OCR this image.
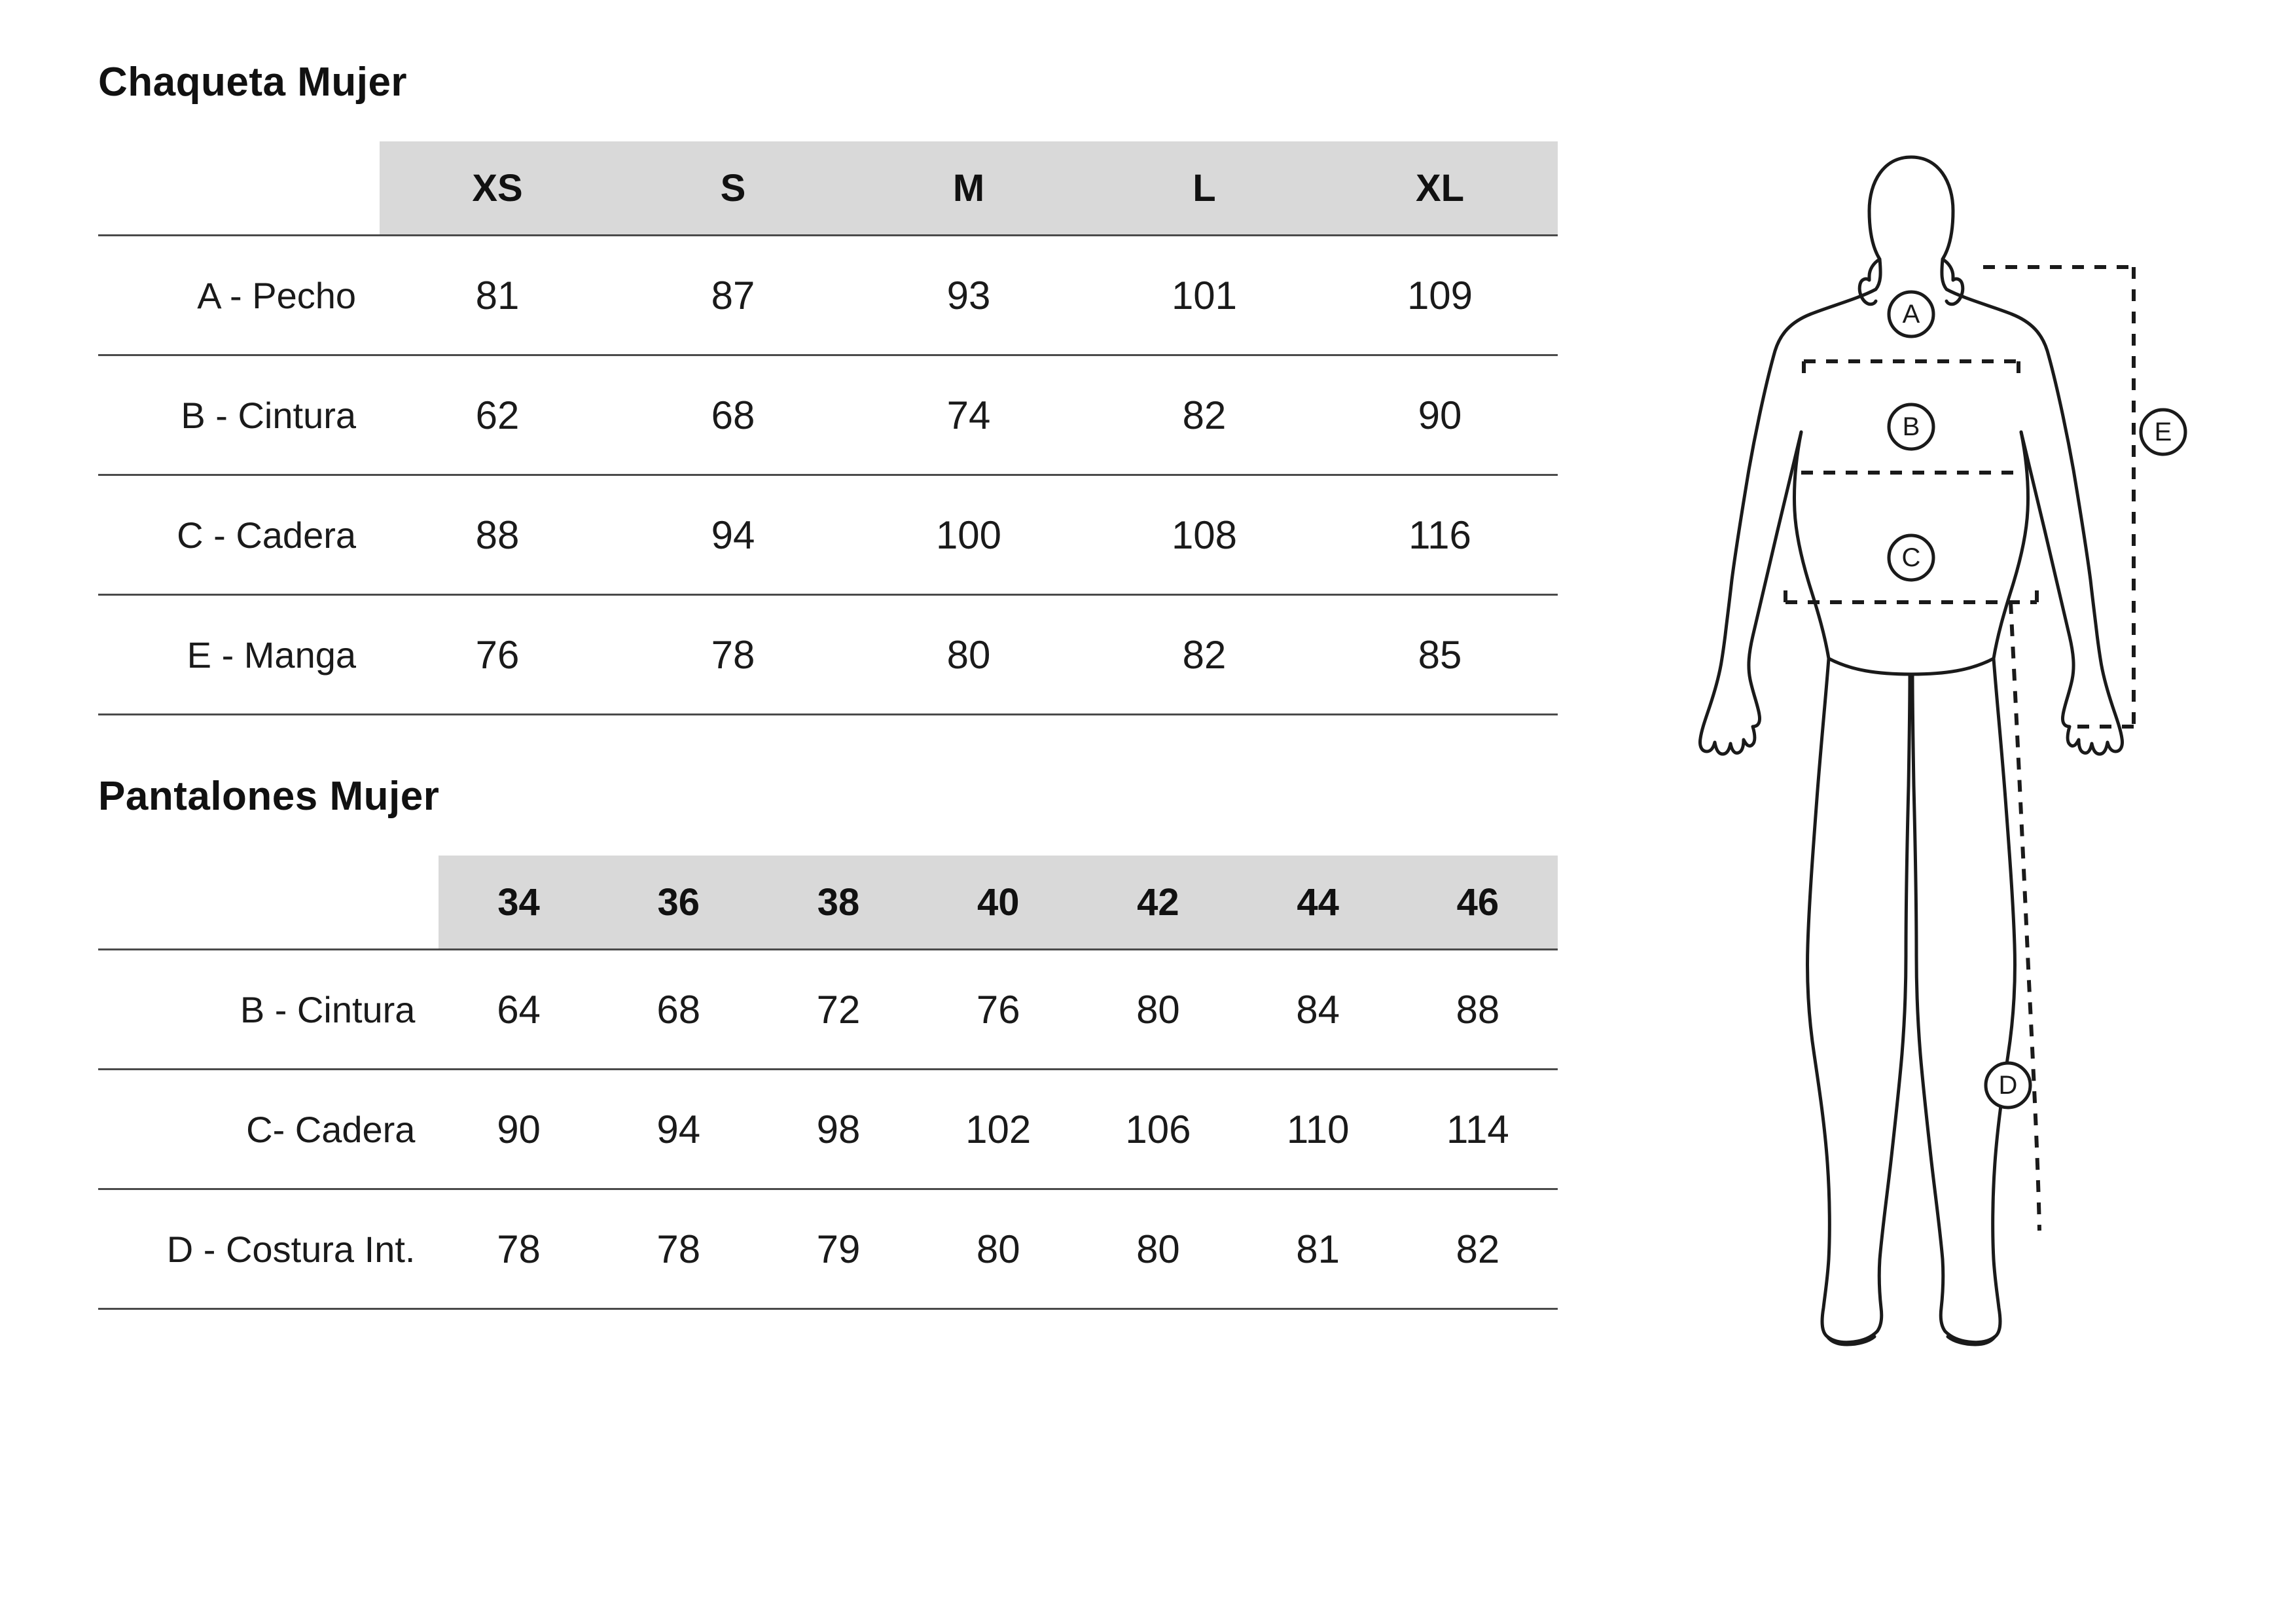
Chaqueta Mujer
	XS	S	M	L	XL
A - Pecho	81	87	93	101	109
B - Cintura	62	68	74	82	90
C - Cadera	88	94	100	108	116
E - Manga	76	78	80	82	85
Pantalones Mujer
	34	36	38	40	42	44	46
B - Cintura	64	68	72	76	80	84	88
C- Cadera	90	94	98	102	106	110	114
D - Costura Int.	78	78	79	80	80	81	82
A
B
C
D
E
